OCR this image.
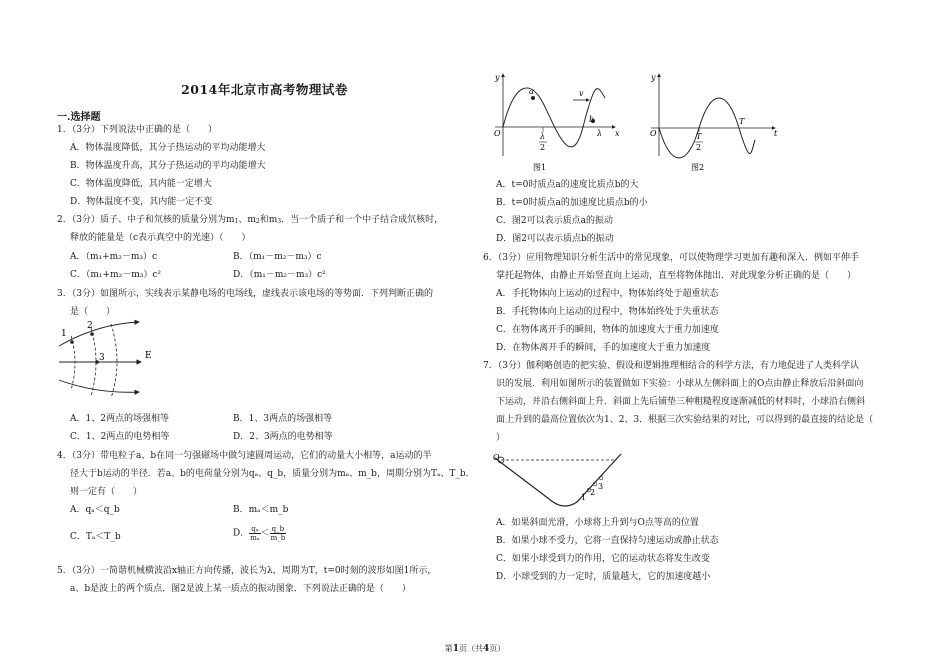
2014年北京市高考物理试卷
一.选择题
1．（3分）下列说法中正确的是（　　）
A．物体温度降低，其分子热运动的平均动能增大
B．物体温度升高，其分子热运动的平均动能增大
C．物体温度降低，其内能一定增大
D．物体温度不变，其内能一定不变
2．（3分）质子、中子和氘核的质量分别为m1、m2和m3．当一个质子和一个中子结合成氘核时，
释放的能量是（c表示真空中的光速）（　　）
A．（m₁+m₂－m₃）c	B．（m₁－m₂－m₃）c
C．（m₁+m₂－m₃）c²	D．（m₁－m₂－m₃）c²
3．（3分）如图所示，实线表示某静电场的电场线，虚线表示该电场的等势面．下列判断正确的
是（　　）
1
2
3	E
A．1、2两点的场强相等	B．1、3两点的场强相等
C．1、2两点的电势相等	D．2、3两点的电势相等
4．（3分）带电粒子a、b在同一匀强磁场中做匀速圆周运动，它们的动量大小相等，a运动的半
径大于b运动的半径．若a、b的电荷量分别为qₐ、q_b，质量分别为mₐ、m_b，周期分别为Tₐ、T_b．
则一定有（　　）
A．qₐ＜q_b	B．mₐ＜m_b
C．Tₐ＜T_b	D． $\frac{\text{qₐ}}{\text{mₐ}} < \frac{q\_b}{m\_b}$
5．（3分）一简谐机械横波沿x轴正方向传播，波长为λ，周期为T，t=0时刻的波形如图1所示，
a、b是波上的两个质点．图2是波上某一质点的振动图象．下列说法正确的是（　　）
y
a	v
O	λ
2
b
λ x
图1
y
O	T
2
T
t
图2
A．t=0时质点a的速度比质点b的大
B．t=0时质点a的加速度比质点b的小
C．图2可以表示质点a的振动
D．图2可以表示质点b的振动
6．（3分）应用物理知识分析生活中的常见现象，可以使物理学习更加有趣和深入．例如平伸手
掌托起物体，由静止开始竖直向上运动，直至将物体抛出．对此现象分析正确的是（　　）
A．手托物体向上运动的过程中，物体始终处于超重状态
B．手托物体向上运动的过程中，物体始终处于失重状态
C．在物体离开手的瞬间，物体的加速度大于重力加速度
D．在物体离开手的瞬间，手的加速度大于重力加速度
7．（3分）伽利略创造的把实验、假设和逻辑推理相结合的科学方法，有力地促进了人类科学认
识的发展．利用如图所示的装置做如下实验：小球从左侧斜面上的O点由静止释放后沿斜面向
下运动，并沿右侧斜面上升．斜面上先后铺垫三种粗糙程度逐渐减低的材料时，小球沿右侧斜
面上升到的最高位置依次为1、2、3．根据三次实验结果的对比，可以得到的最直接的结论是（
）
O
1
2
3
A．如果斜面光滑，小球将上升到与O点等高的位置
B．如果小球不受力，它将一直保持匀速运动或静止状态
C．如果小球受到力的作用，它的运动状态将发生改变
D．小球受到的力一定时，质量越大，它的加速度越小
第1页（共4页）
